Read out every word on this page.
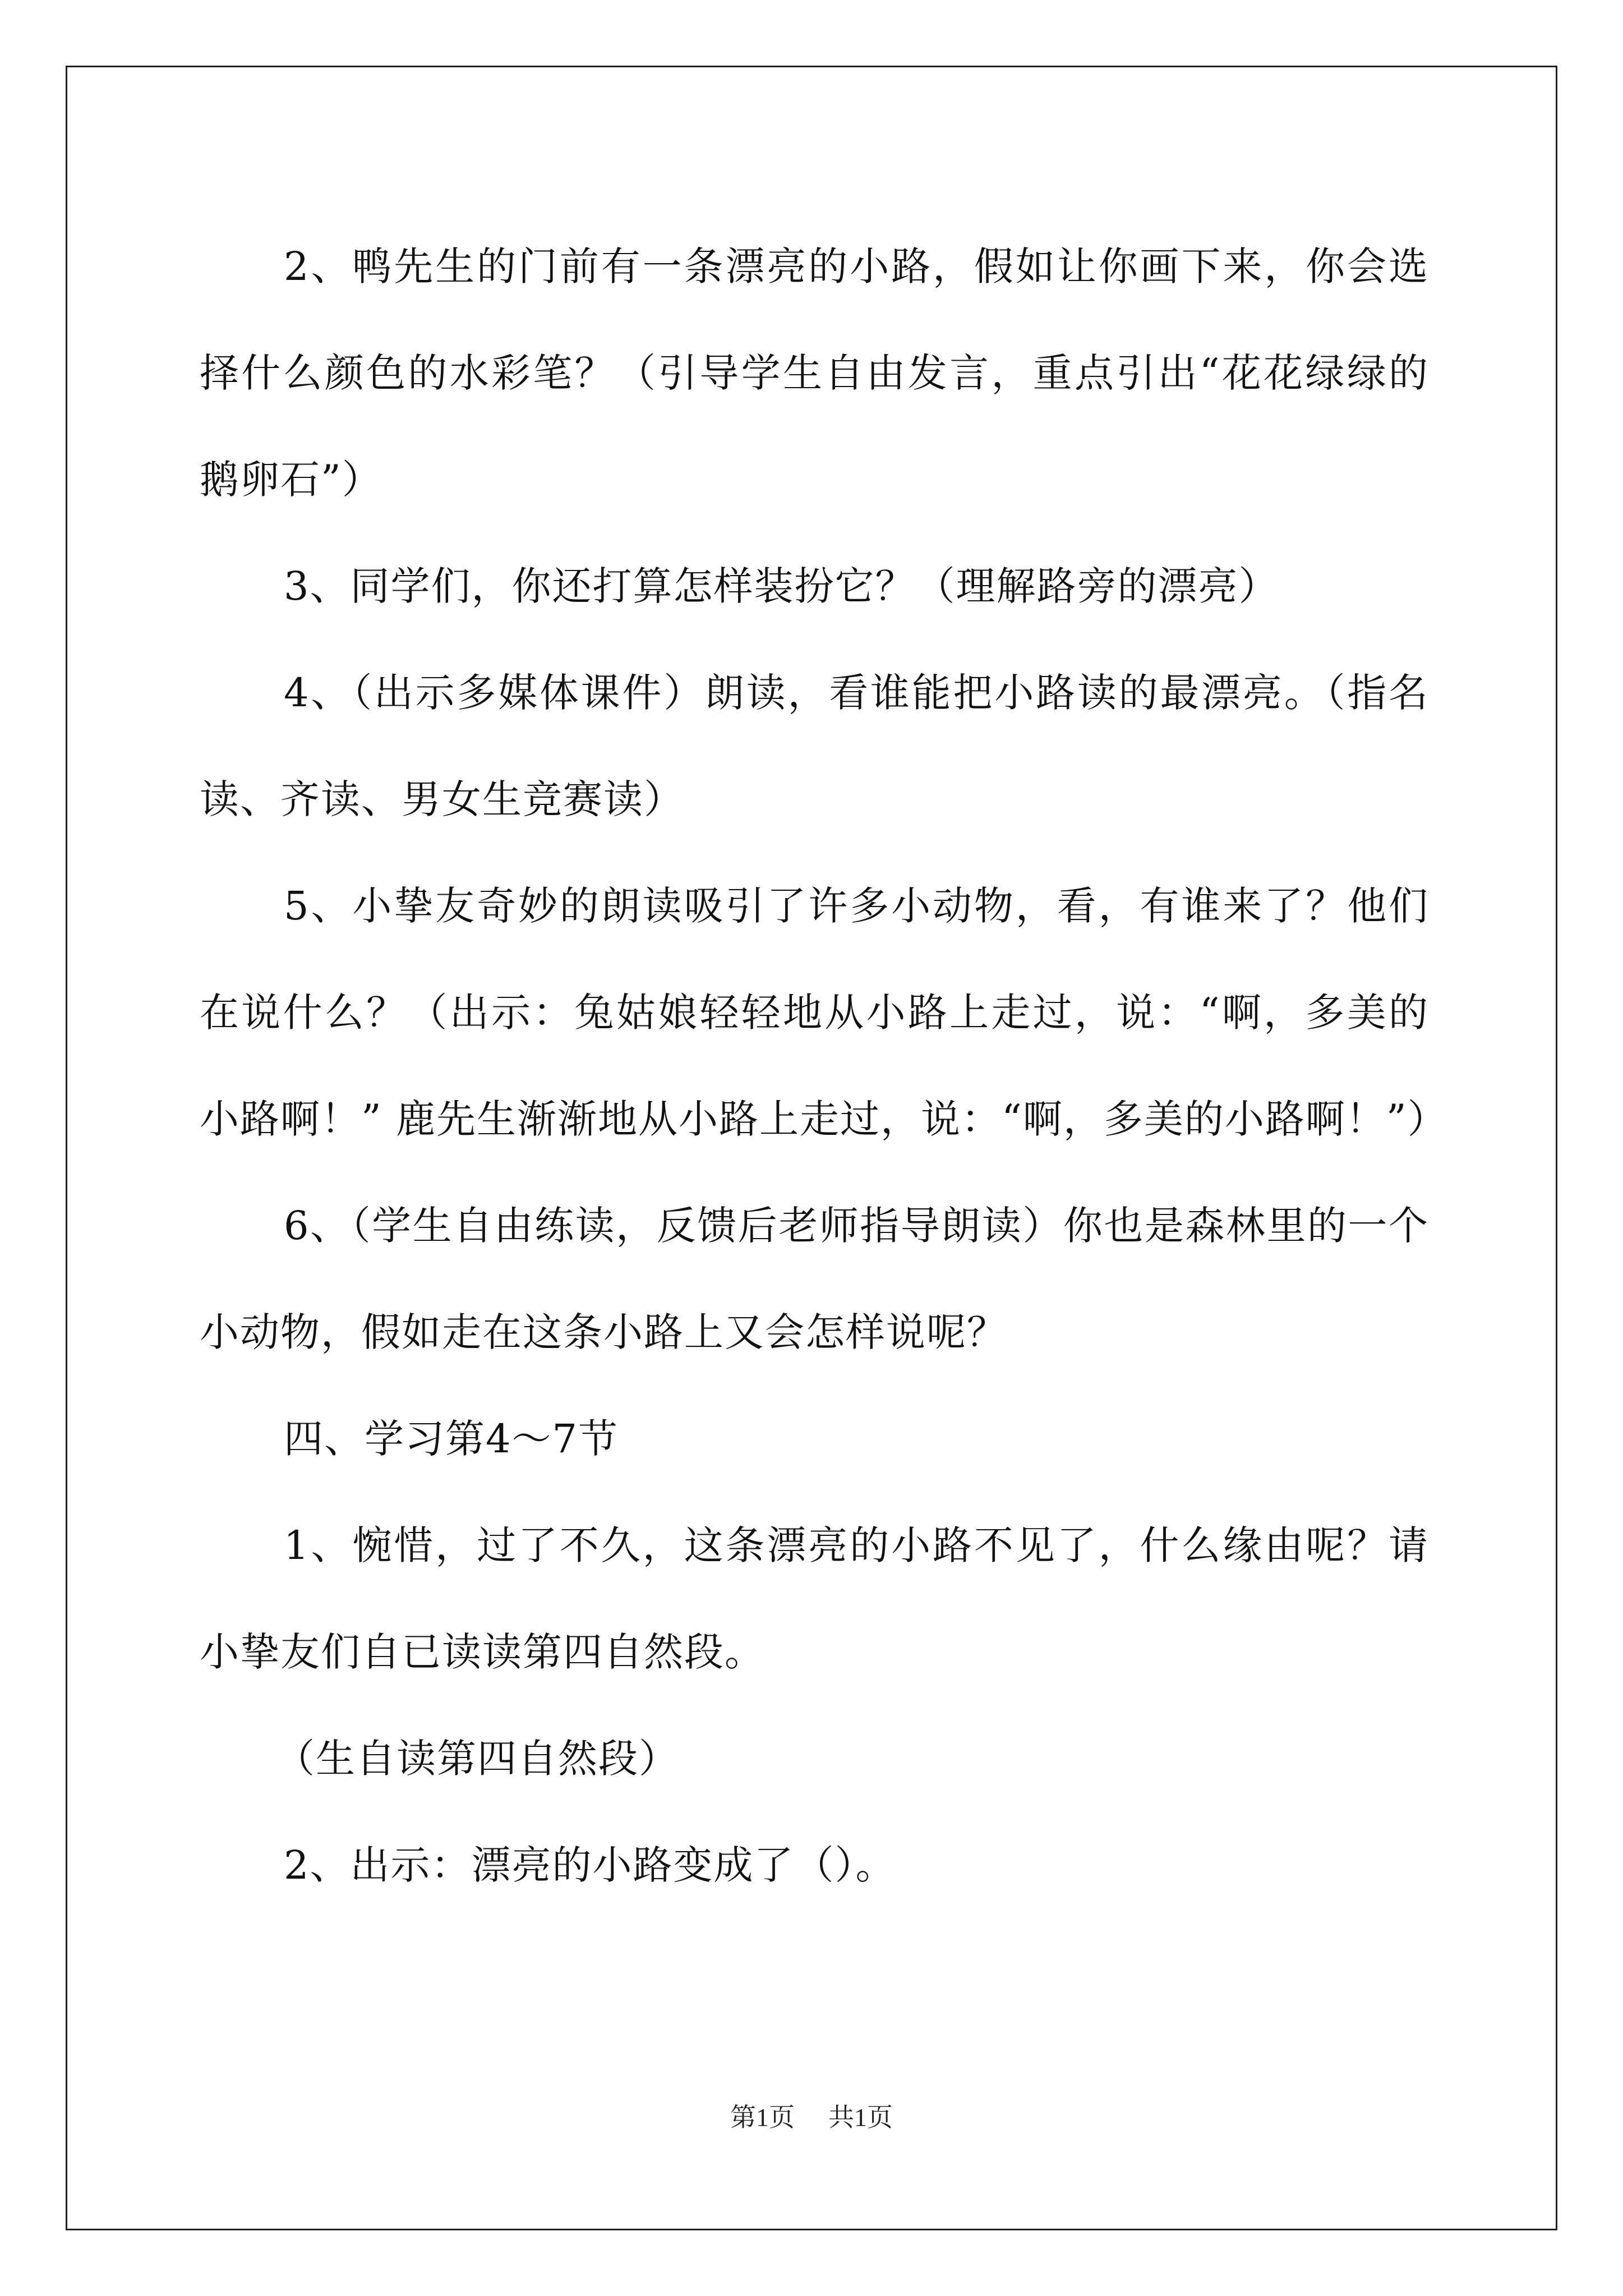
2、鸭先生的门前有一条漂亮的小路，假如让你画下来，你会选择什么颜色的水彩笔？（引导学生自由发言，重点引出“花花绿绿的鹅卵石”）

3、同学们，你还打算怎样装扮它？（理解路旁的漂亮）

4、（出示多媒体课件）朗读，看谁能把小路读的最漂亮。（指名读、齐读、男女生竞赛读）

5、小挚友奇妙的朗读吸引了许多小动物，看，有谁来了？他们在说什么？（出示：兔姑娘轻轻地从小路上走过，说：“啊，多美的小路啊！” 鹿先生渐渐地从小路上走过，说：“啊，多美的小路啊！”）

6、（学生自由练读，反馈后老师指导朗读）你也是森林里的一个小动物，假如走在这条小路上又会怎样说呢？

四、学习第4～7节

1、惋惜，过了不久，这条漂亮的小路不见了，什么缘由呢？请小挚友们自已读读第四自然段。

（生自读第四自然段）

2、出示：漂亮的小路变成了（）。

第1页 共1页
